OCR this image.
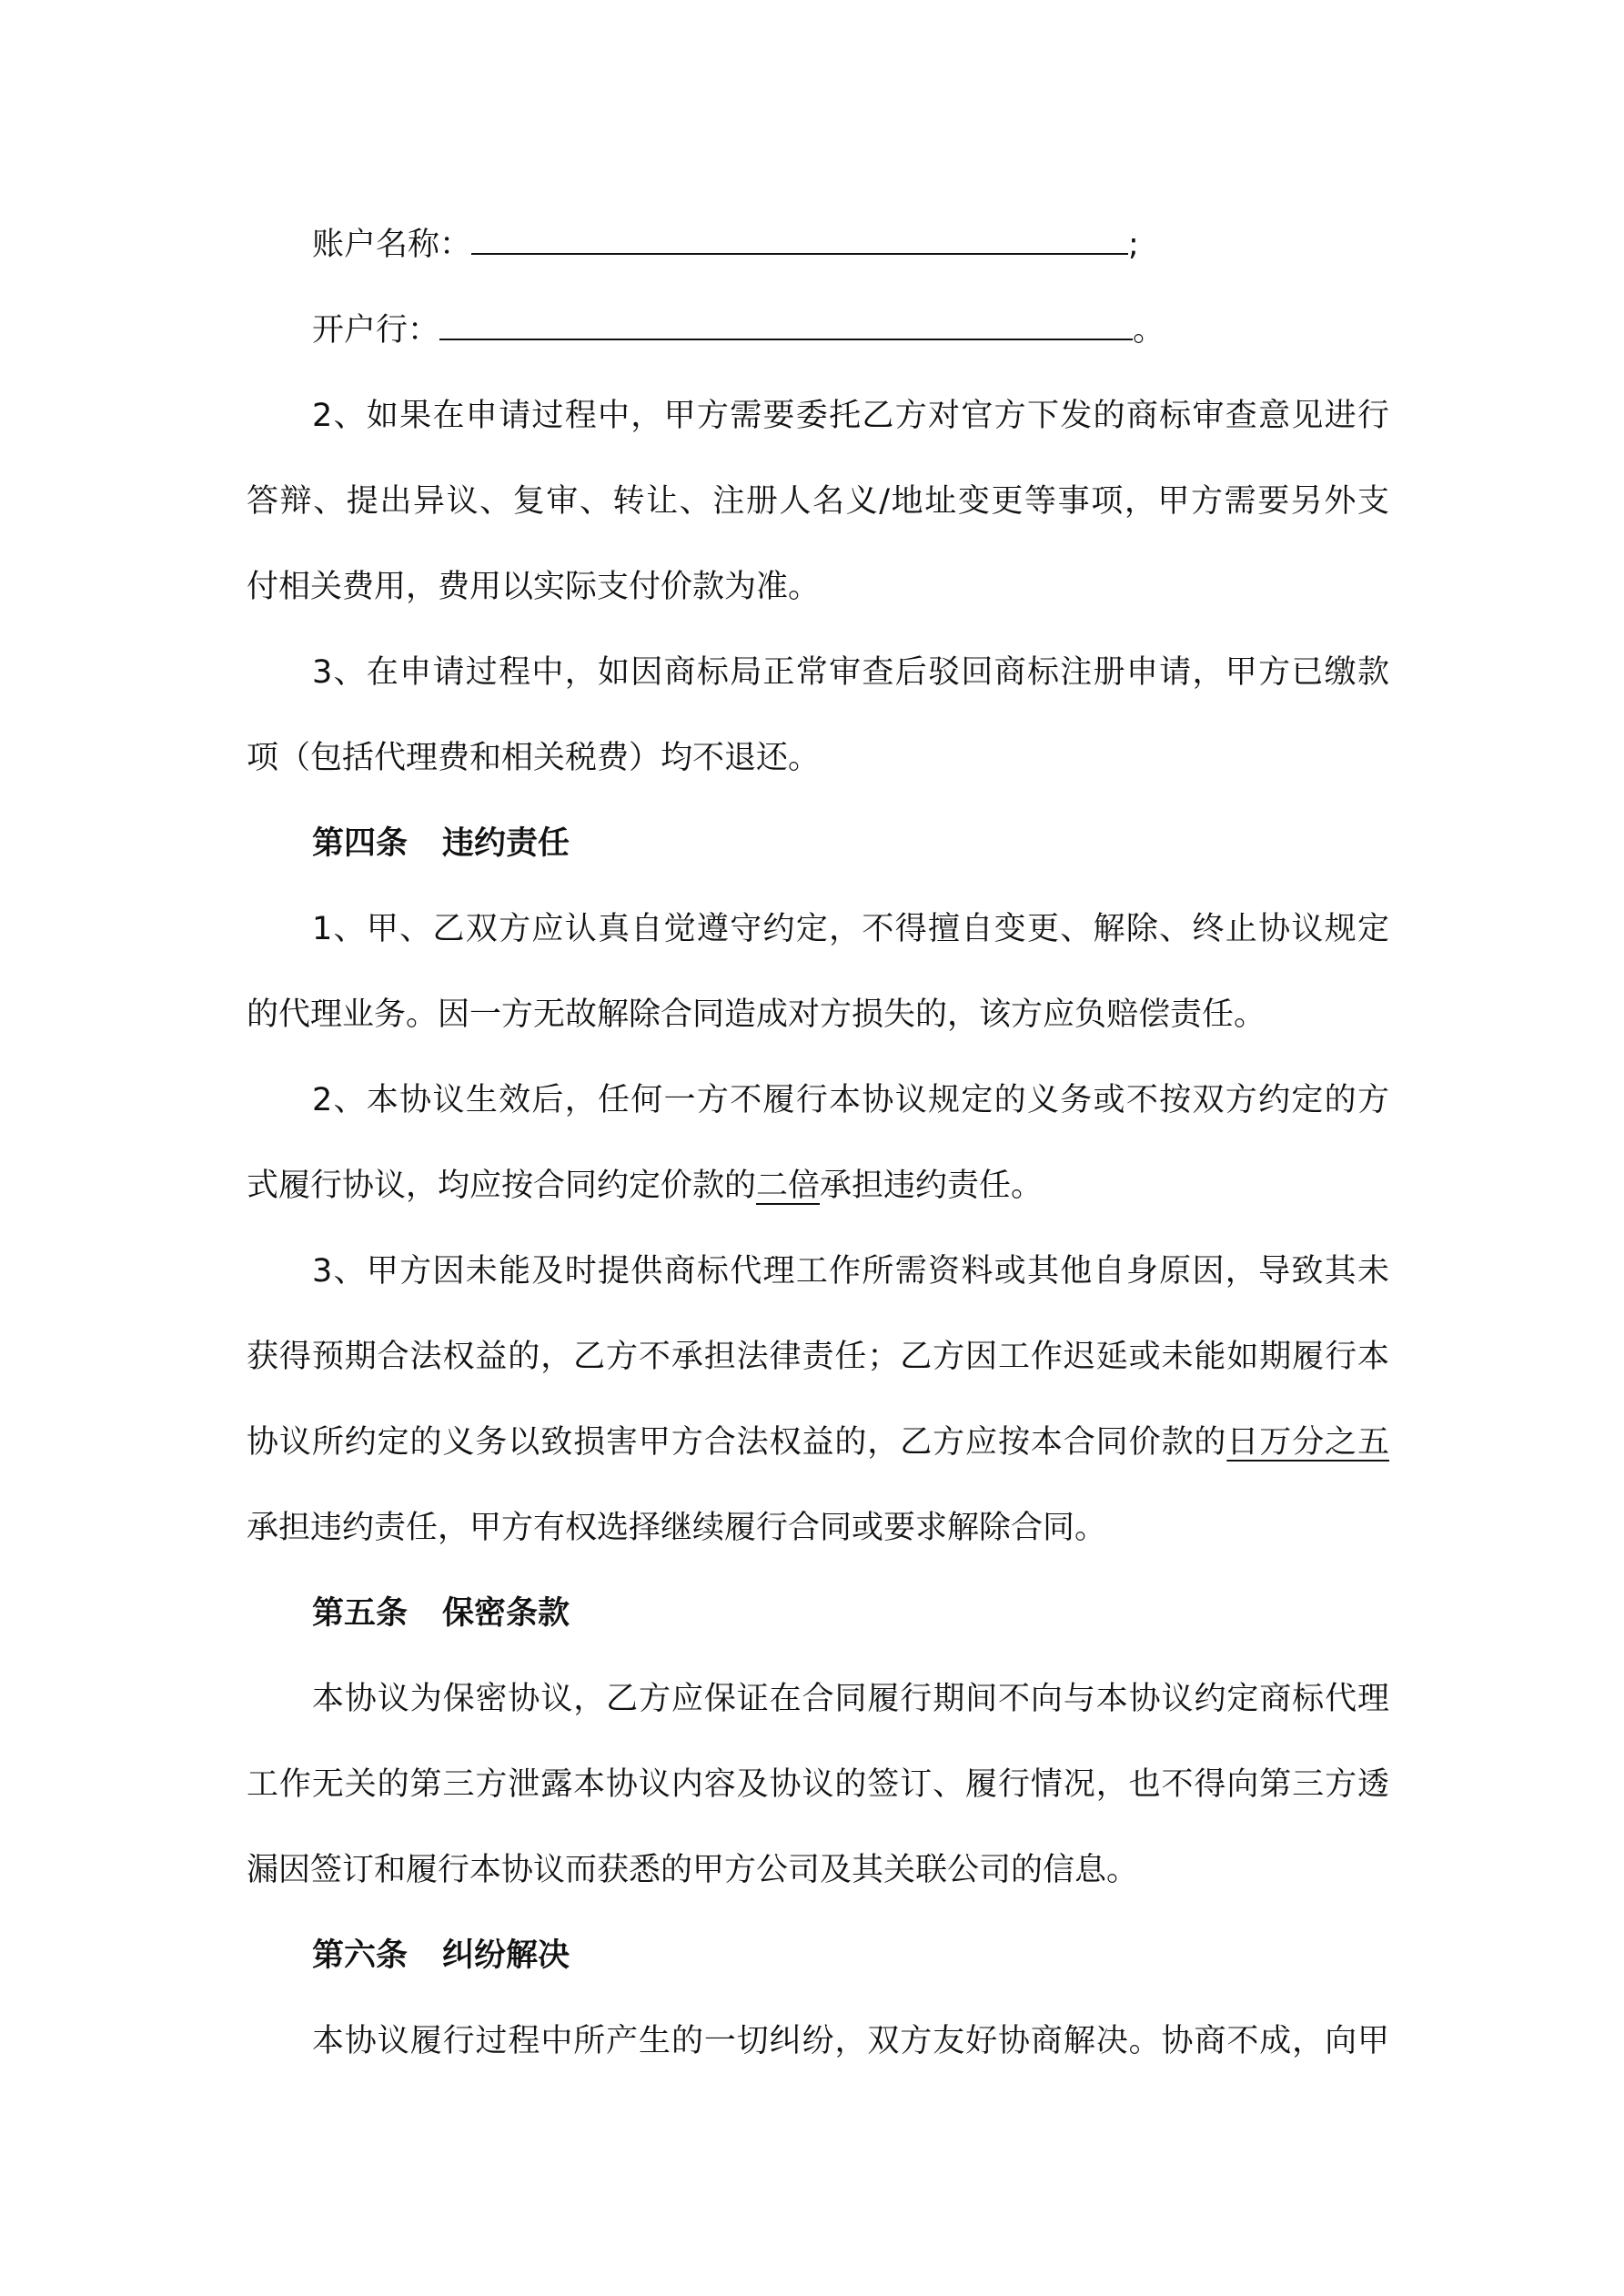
账户名称：	;
开户行：	。
2、如果在申请过程中，甲方需要委托乙方对官方下发的商标审查意见进行
答辩、提出异议、复审、转让、注册人名义/地址变更等事项，甲方需要另外支
付相关费用，费用以实际支付价款为准。
3、在申请过程中，如因商标局正常审查后驳回商标注册申请，甲方已缴款
项（包括代理费和相关税费）均不退还。
第四条 违约责任
1、甲、乙双方应认真自觉遵守约定，不得擅自变更、解除、终止协议规定
的代理业务。因一方无故解除合同造成对方损失的，该方应负赔偿责任。
2、本协议生效后，任何一方不履行本协议规定的义务或不按双方约定的方
式履行协议，均应按合同约定价款的二倍承担违约责任。
3、甲方因未能及时提供商标代理工作所需资料或其他自身原因，导致其未
获得预期合法权益的，乙方不承担法律责任；乙方因工作迟延或未能如期履行本
协议所约定的义务以致损害甲方合法权益的，乙方应按本合同价款的日万分之五
承担违约责任，甲方有权选择继续履行合同或要求解除合同。
第五条 保密条款
本协议为保密协议，乙方应保证在合同履行期间不向与本协议约定商标代理
工作无关的第三方泄露本协议内容及协议的签订、履行情况，也不得向第三方透
漏因签订和履行本协议而获悉的甲方公司及其关联公司的信息。
第六条 纠纷解决
本协议履行过程中所产生的一切纠纷，双方友好协商解决。协商不成，向甲
